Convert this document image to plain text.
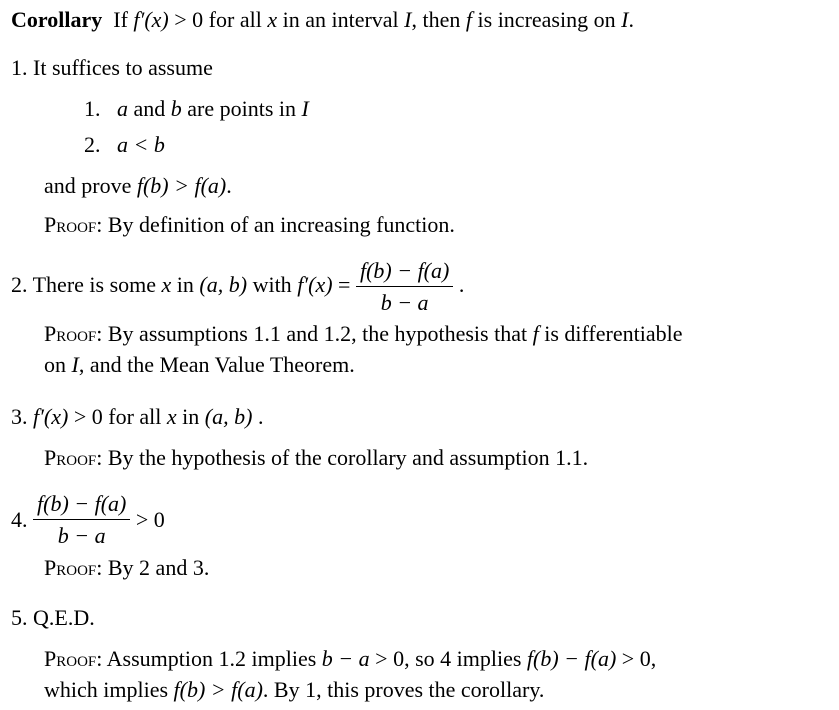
Corollary If f′(x) > 0 for all x in an interval I, then f is increasing on I.
1. It suffices to assume
1. a and b are points in I
2. a < b
and prove f(b) > f(a).
Proof: By definition of an increasing function.
2. There is some x in (a, b) with $f'(x) = \frac{f(b) - f(a)}{b - a}$ .
Proof: By assumptions 1.1 and 1.2, the hypothesis that f is differentiable
on I, and the Mean Value Theorem.
3. f′(x) > 0 for all x in (a, b) .
Proof: By the hypothesis of the corollary and assumption 1.1.
4. $\frac{f(b) - f(a)}{b - a} > 0$
Proof: By 2 and 3.
5. Q.E.D.
Proof: Assumption 1.2 implies b − a > 0, so 4 implies f(b) − f(a) > 0,
which implies f(b) > f(a). By 1, this proves the corollary.
